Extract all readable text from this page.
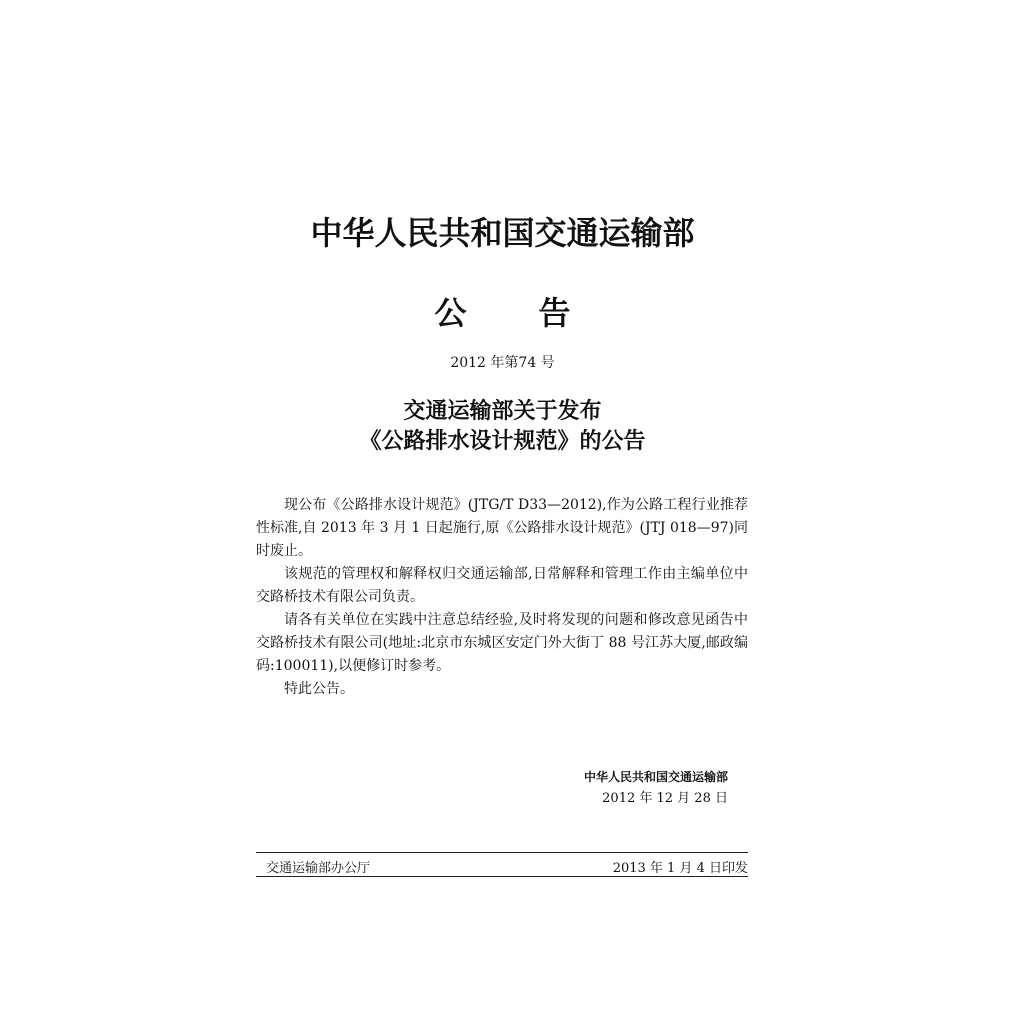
中华人民共和国交通运输部
公告
2012 年第74 号
交通运输部关于发布
《公路排水设计规范》的公告

现公布《公路排水设计规范》(JTG/T D33—2012),作为公路工程行业推荐性标准,自 2013 年 3 月 1 日起施行,原《公路排水设计规范》(JTJ 018—97)同时废止。

该规范的管理权和解释权归交通运输部,日常解释和管理工作由主编单位中交路桥技术有限公司负责。

请各有关单位在实践中注意总结经验,及时将发现的问题和修改意见函告中交路桥技术有限公司(地址:北京市东城区安定门外大街丁 88 号江苏大厦,邮政编码:100011),以便修订时参考。

特此公告。

中华人民共和国交通运输部
2012 年 12 月 28 日
交通运输部办公厅	2013 年 1 月 4 日印发
